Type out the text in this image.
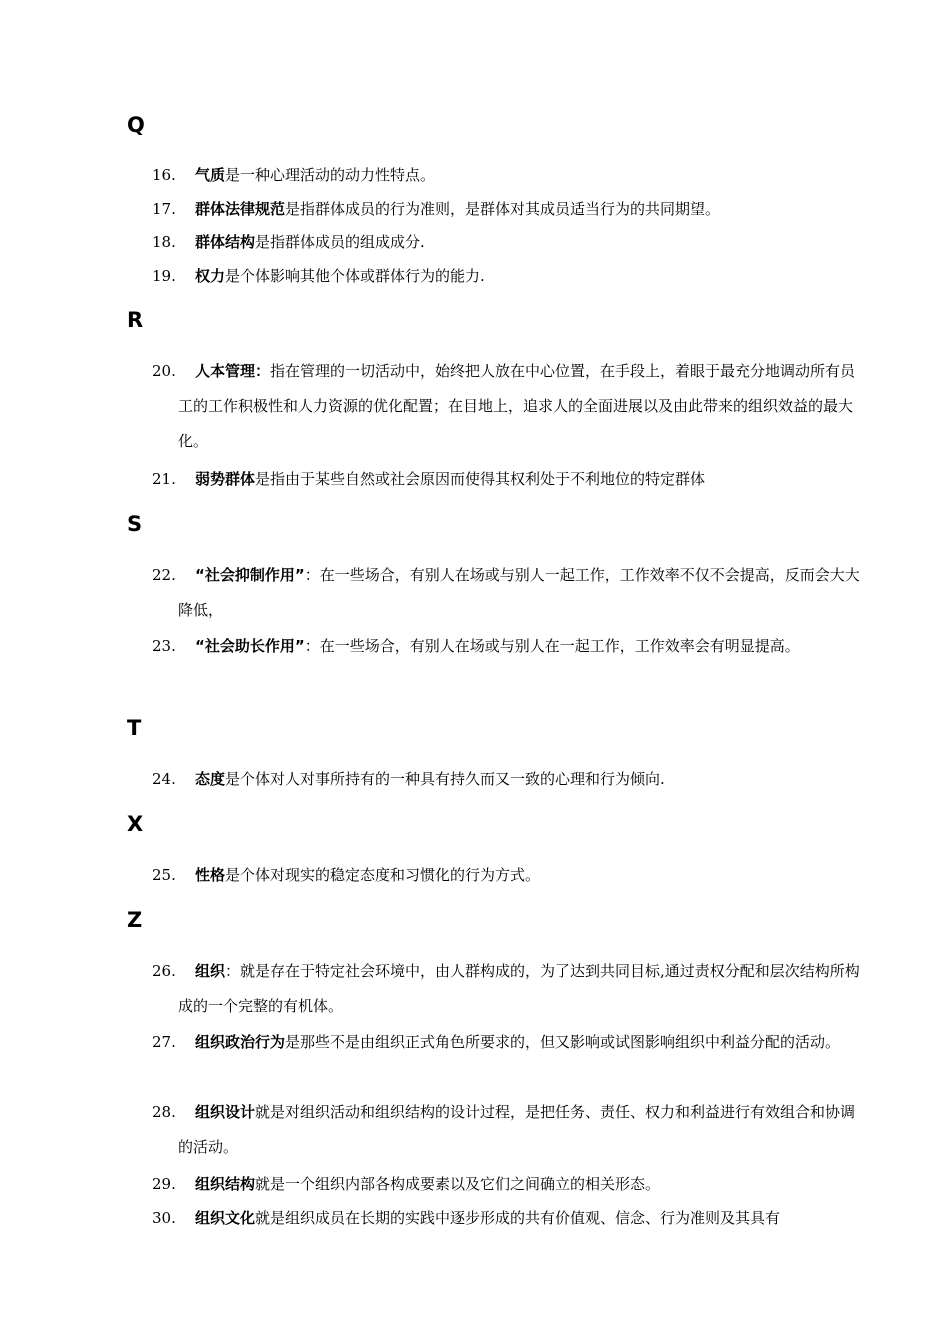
Q
16.	气质是一种心理活动的动力性特点。

17.	群体法律规范是指群体成员的行为准则，是群体对其成员适当行为的共同期望。

18.	群体结构是指群体成员的组成成分.

19.	权力是个体影响其他个体或群体行为的能力.

R
20.	人本管理：指在管理的一切活动中，始终把人放在中心位置，在手段上，着眼于最充分地调动所有员工的工作积极性和人力资源的优化配置；在目地上，追求人的全面进展以及由此带来的组织效益的最大化。

21.	弱势群体是指由于某些自然或社会原因而使得其权利处于不利地位的特定群体

S
22.	“社会抑制作用”：在一些场合，有别人在场或与别人一起工作，工作效率不仅不会提高，反而会大大降低，

23.	“社会助长作用”：在一些场合，有别人在场或与别人在一起工作，工作效率会有明显提高。

T
24.	态度是个体对人对事所持有的一种具有持久而又一致的心理和行为倾向.

X
25.	性格是个体对现实的稳定态度和习惯化的行为方式。

Z
26.	组织：就是存在于特定社会环境中，由人群构成的，为了达到共同目标,通过责权分配和层次结构所构成的一个完整的有机体。

27.	组织政治行为是那些不是由组织正式角色所要求的，但又影响或试图影响组织中利益分配的活动。

28.	组织设计就是对组织活动和组织结构的设计过程，是把任务、责任、权力和利益进行有效组合和协调的活动。

29.	组织结构就是一个组织内部各构成要素以及它们之间确立的相关形态。

30.	组织文化就是组织成员在长期的实践中逐步形成的共有价值观、信念、行为准则及其具有
